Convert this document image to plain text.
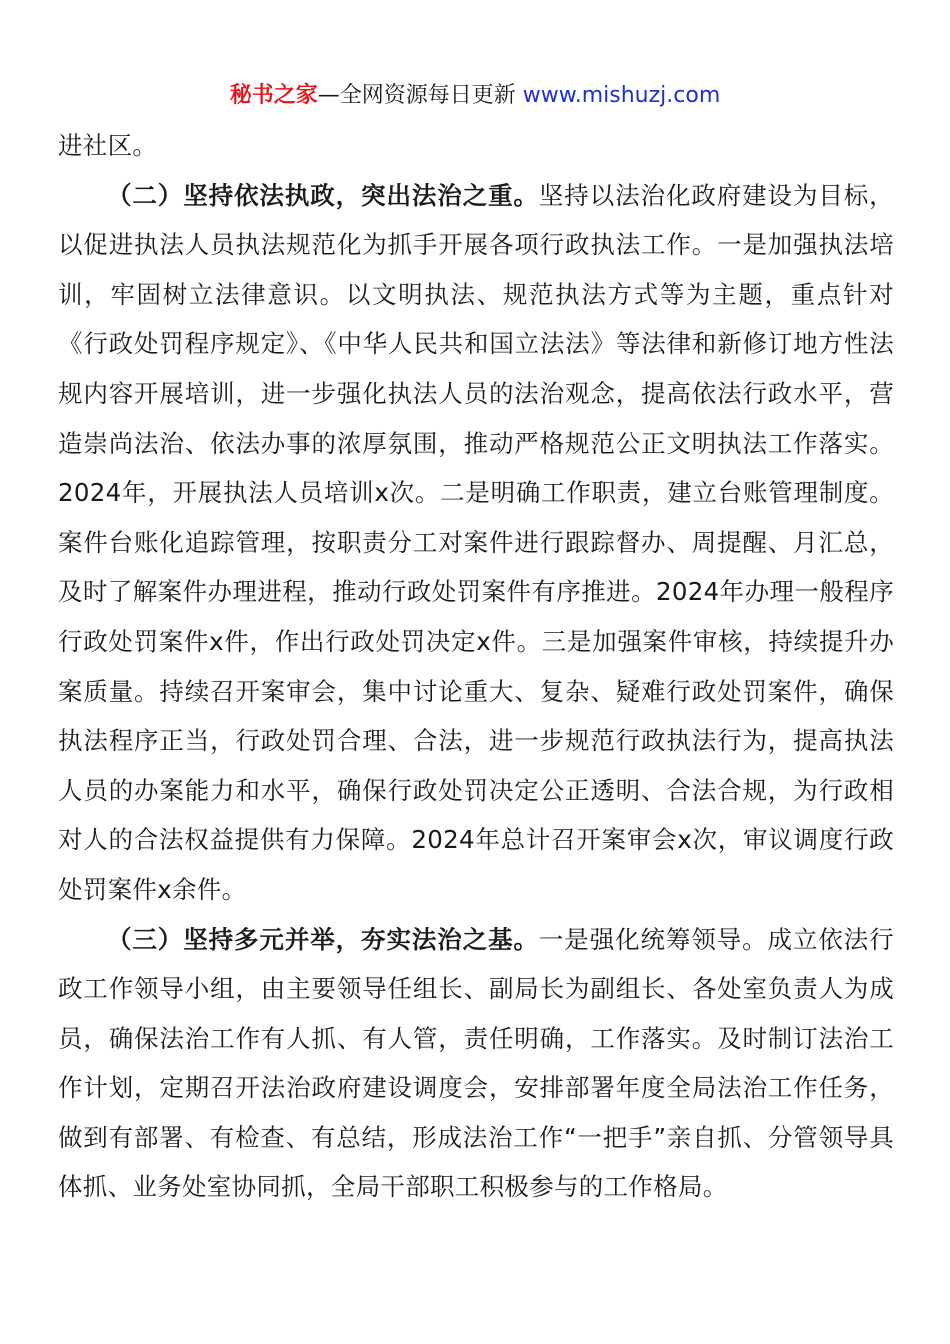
秘书之家—全网资源每日更新 www.mishuzj.com

进社区。

（二）坚持依法执政，突出法治之重。坚持以法治化政府建设为目标，以促进执法人员执法规范化为抓手开展各项行政执法工作。一是加强执法培训，牢固树立法律意识。以文明执法、规范执法方式等为主题，重点针对《行政处罚程序规定》、《中华人民共和国立法法》等法律和新修订地方性法规内容开展培训，进一步强化执法人员的法治观念，提高依法行政水平，营造崇尚法治、依法办事的浓厚氛围，推动严格规范公正文明执法工作落实。2024年，开展执法人员培训x次。二是明确工作职责，建立台账管理制度。案件台账化追踪管理，按职责分工对案件进行跟踪督办、周提醒、月汇总，及时了解案件办理进程，推动行政处罚案件有序推进。2024年办理一般程序行政处罚案件x件，作出行政处罚决定x件。三是加强案件审核，持续提升办案质量。持续召开案审会，集中讨论重大、复杂、疑难行政处罚案件，确保执法程序正当，行政处罚合理、合法，进一步规范行政执法行为，提高执法人员的办案能力和水平，确保行政处罚决定公正透明、合法合规，为行政相对人的合法权益提供有力保障。2024年总计召开案审会x次，审议调度行政处罚案件x余件。

（三）坚持多元并举，夯实法治之基。一是强化统筹领导。成立依法行政工作领导小组，由主要领导任组长、副局长为副组长、各处室负责人为成员，确保法治工作有人抓、有人管，责任明确，工作落实。及时制订法治工作计划，定期召开法治政府建设调度会，安排部署年度全局法治工作任务，做到有部署、有检查、有总结，形成法治工作“一把手”亲自抓、分管领导具体抓、业务处室协同抓，全局干部职工积极参与的工作格局。
